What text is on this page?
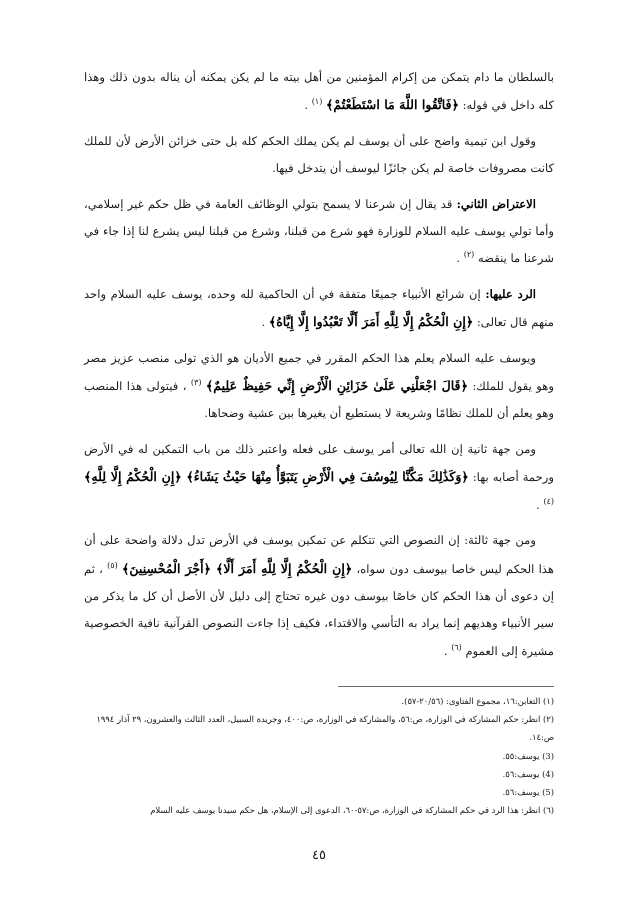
بالسلطان ما دام يتمكن من إكرام المؤمنين من أهل بيته ما لم يكن يمكنه أن يناله بدون ذلك وهذا كله داخل في قوله: ﴿فَاتَّقُوا اللَّهَ مَا اسْتَطَعْتُمْ﴾ $^{(١)}$ .

وقول ابن تيمية واضح على أن يوسف لم يكن يملك الحكم كله بل حتى خزائن الأرض لأن للملك كانت مصروفات خاصة لم يكن جائزًا ليوسف أن يتدخل فيها.

الاعتراض الثاني: قد يقال إن شرعنا لا يسمح بتولي الوظائف العامة في ظل حكم غير إسلامي، وأما تولي يوسف عليه السلام للوزارة فهو شرع من قبلنا، وشرع من قبلنا ليس يشرع لنا إذا جاء في شرعنا ما ينقضه $^{(٢)}$ .

الرد عليها: إن شرائع الأنبياء جميعًا متفقة في أن الحاكمية لله وحده، يوسف عليه السلام واحد منهم قال تعالى: ﴿إِنِ الْحُكْمُ إِلَّا لِلَّهِ أَمَرَ أَلَّا تَعْبُدُوا إِلَّا إِيَّاهُ﴾ .

ويوسف عليه السلام يعلم هذا الحكم المقرر في جميع الأديان هو الذي تولى منصب عزيز مصر وهو يقول للملك: ﴿قَالَ اجْعَلْنِي عَلَىٰ خَزَائِنِ الْأَرْضِ إِنِّي حَفِيظٌ عَلِيمٌ﴾ $^{(٣)}$ ، فيتولى هذا المنصب وهو يعلم أن للملك نظامًا وشريعة لا يستطيع أن يغيرها بين عشية وضحاها.

ومن جهة ثانية إن الله تعالى أمر يوسف على فعله واعتبر ذلك من باب التمكين له في الأرض ورحمة أصابه بها: ﴿وَكَذَٰلِكَ مَكَّنَّا لِيُوسُفَ فِي الْأَرْضِ يَتَبَوَّأُ مِنْهَا حَيْثُ يَشَاءُ﴾ ﴿إِنِ الْحُكْمُ إِلَّا لِلَّهِ﴾ $^{(٤)}$ .

ومن جهة ثالثة: إن النصوص التي تتكلم عن تمكين يوسف في الأرض تدل دلالة واضحة على أن هذا الحكم ليس خاصا بيوسف دون سواه، ﴿إِنِ الْحُكْمُ إِلَّا لِلَّهِ أَمَرَ أَلَّا﴾ ﴿أَجْرَ الْمُحْسِنِينَ﴾ $^{(٥)}$ ، ثم إن دعوى أن هذا الحكم كان خاصًا بيوسف دون غيره تحتاج إلى دليل لأن الأصل أن كل ما يذكر من سير الأنبياء وهديهم إنما يراد به التأسي والاقتداء، فكيف إذا جاءت النصوص القرآنية نافية الخصوصية مشيرة إلى العموم $^{(٦)}$ .

(١) التغابن:١٦، مجموع الفتاوى: (٢٠/٥٦-٥٧).
(٢) انظر: حكم المشاركة في الوزارة، ص:٥٦، والمشاركة في الوزارة، ص:٤٠٠، وجريدة السبيل، العدد الثالث والعشرون، ٢٩ آذار ١٩٩٤ ص:١٤.
(3) يوسف:٥٥.
(4) يوسف:٥٦.
(5) يوسف:٥٦.
(٦) انظر: هذا الرد في حكم المشاركة في الوزارة، ص:٥٧-٦٠، الدعوى إلى الإسلام، هل حكم سيدنا يوسف عليه السلام
٤٥
